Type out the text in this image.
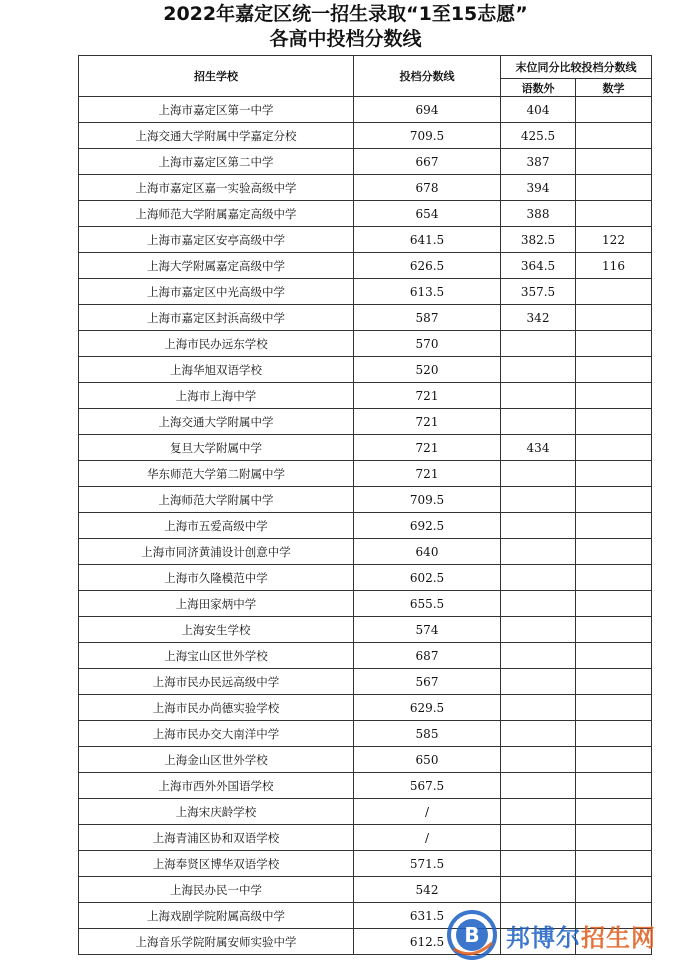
2022年嘉定区统一招生录取“1至15志愿”
各高中投档分数线
招生学校	投档分数线	末位同分比较投档分数线	
		语数外	数学
上海市嘉定区第一中学	694	404	
上海交通大学附属中学嘉定分校	709.5	425.5	
上海市嘉定区第二中学	667	387	
上海市嘉定区嘉一实验高级中学	678	394	
上海师范大学附属嘉定高级中学	654	388	
上海市嘉定区安亭高级中学	641.5	382.5	122
上海大学附属嘉定高级中学	626.5	364.5	116
上海市嘉定区中光高级中学	613.5	357.5	
上海市嘉定区封浜高级中学	587	342	
上海市民办远东学校	570		
上海华旭双语学校	520		
上海市上海中学	721		
上海交通大学附属中学	721		
复旦大学附属中学	721	434	
华东师范大学第二附属中学	721		
上海师范大学附属中学	709.5		
上海市五爱高级中学	692.5		
上海市同济黄浦设计创意中学	640		
上海市久隆模范中学	602.5		
上海田家炳中学	655.5		
上海安生学校	574		
上海宝山区世外学校	687		
上海市民办民远高级中学	567		
上海市民办尚德实验学校	629.5		
上海市民办交大南洋中学	585		
上海金山区世外学校	650		
上海市西外外国语学校	567.5		
上海宋庆龄学校	/		
上海青浦区协和双语学校	/		
上海奉贤区博华双语学校	571.5		
上海民办民一中学	542		
上海戏剧学院附属高级中学	631.5		
上海音乐学院附属安师实验中学	612.5		B 邦博尔招生网
